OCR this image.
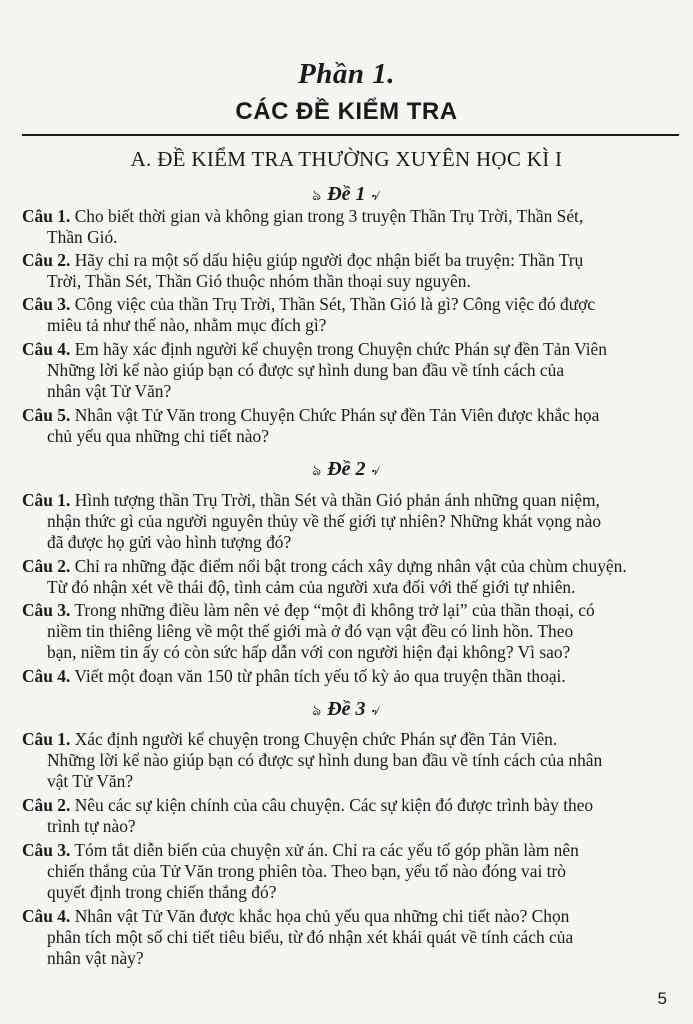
Phần 1.
CÁC ĐỀ KIỂM TRA
A. ĐỀ KIỂM TRA THƯỜNG XUYÊN HỌC KÌ I
ঌ Đề 1 ৵
Câu 1. Cho biết thời gian và không gian trong 3 truyện Thần Trụ Trời, Thần Sét,
Thần Gió.
Câu 2. Hãy chỉ ra một số dấu hiệu giúp người đọc nhận biết ba truyện: Thần Trụ
Trời, Thần Sét, Thần Gió thuộc nhóm thần thoại suy nguyên.
Câu 3. Công việc của thần Trụ Trời, Thần Sét, Thần Gió là gì? Công việc đó được
miêu tả như thế nào, nhằm mục đích gì?
Câu 4. Em hãy xác định người kể chuyện trong Chuyện chức Phán sự đền Tản Viên
Những lời kể nào giúp bạn có được sự hình dung ban đầu về tính cách của
nhân vật Tử Văn?
Câu 5. Nhân vật Tử Văn trong Chuyện Chức Phán sự đền Tản Viên được khắc họa
chủ yếu qua những chi tiết nào?
ঌ Đề 2 ৵
Câu 1. Hình tượng thần Trụ Trời, thần Sét và thần Gió phản ánh những quan niệm,
nhận thức gì của người nguyên thủy về thế giới tự nhiên? Những khát vọng nào
đã được họ gửi vào hình tượng đó?
Câu 2. Chỉ ra những đặc điểm nổi bật trong cách xây dựng nhân vật của chùm chuyện.
Từ đó nhận xét về thái độ, tình cảm của người xưa đối với thế giới tự nhiên.
Câu 3. Trong những điều làm nên vẻ đẹp “một đi không trở lại” của thần thoại, có
niềm tin thiêng liêng về một thế giới mà ở đó vạn vật đều có linh hồn. Theo
bạn, niềm tin ấy có còn sức hấp dẫn với con người hiện đại không? Vì sao?
Câu 4. Viết một đoạn văn 150 từ phân tích yếu tố kỳ ảo qua truyện thần thoại.
ঌ Đề 3 ৵
Câu 1. Xác định người kể chuyện trong Chuyện chức Phán sự đền Tản Viên.
Những lời kể nào giúp bạn có được sự hình dung ban đầu về tính cách của nhân
vật Tử Văn?
Câu 2. Nêu các sự kiện chính của câu chuyện. Các sự kiện đó được trình bày theo
trình tự nào?
Câu 3. Tóm tắt diễn biến của chuyện xử án. Chỉ ra các yếu tố góp phần làm nên
chiến thắng của Tử Văn trong phiên tòa. Theo bạn, yếu tố nào đóng vai trò
quyết định trong chiến thắng đó?
Câu 4. Nhân vật Tử Văn được khắc họa chủ yếu qua những chi tiết nào? Chọn
phân tích một số chi tiết tiêu biểu, từ đó nhận xét khái quát về tính cách của
nhân vật này?
5
